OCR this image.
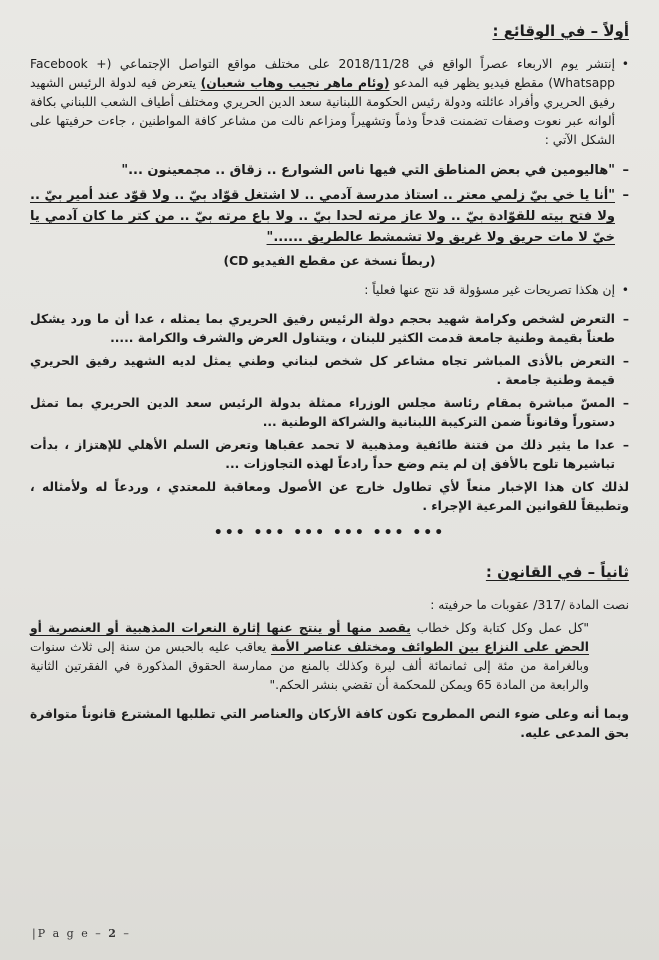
أولاً – في الوقائع :

• إنتشر يوم الاربعاء عصراً الواقع في 2018/11/28 على مختلف مواقع التواصل الإجتماعي (Facebook + Whatsapp) مقطع فيديو يظهر فيه المدعو (وئام ماهر نجيب وهاب شعبان) يتعرض فيه لدولة الرئيس الشهيد رفيق الحريري وأفراد عائلته ودولة رئيس الحكومة اللبنانية سعد الدين الحريري ومختلف أطياف الشعب اللبناني بكافة ألوانه عبر نعوت وصفات تضمنت قدحاً وذماً وتشهيراً ومزاعم نالت من مشاعر كافة المواطنين ، جاءت حرفيتها على الشكل الآتي :

– "هاليومين في بعض المناطق التي فيها ناس الشوارع .. زقاق .. مجمعينون ..."
– "أنا يا خي بيّ زلمي معتر .. استاذ مدرسة آدمي .. لا اشتغل قوّاد بيّ .. ولا قوّد عند أمير بيّ .. ولا فتح بيته للقوّادة بيّ .. ولا عاز مرته لحدا بيّ .. ولا باع مرته بيّ .. من كتر ما كان آدمي يا خيّ لا مات حريق ولا غريق ولا تشمشط عالطريق ......"

(ربطاً نسخة عن مقطع الفيديو CD)

• إن هكذا تصريحات غير مسؤولة قد نتج عنها فعلياً :
– التعرض لشخص وكرامة شهيد بحجم دولة الرئيس رفيق الحريري بما يمثله ، عدا أن ما ورد يشكل طعناً بقيمة وطنية جامعة قدمت الكثير للبنان ، ويتناول العرض والشرف والكرامة .....
– التعرض بالأذى المباشر تجاه مشاعر كل شخص لبناني وطني يمثل لديه الشهيد رفيق الحريري قيمة وطنية جامعة .
– المسّ مباشرة بمقام رئاسة مجلس الوزراء ممثلة بدولة الرئيس سعد الدين الحريري بما تمثل دستوراً وقانوناً ضمن التركيبة اللبنانية والشراكة الوطنية ...
– عدا ما يثير ذلك من فتنة طائفية ومذهبية لا تحمد عقباها وتعرض السلم الأهلي للإهتزاز ، بدأت تباشيرها تلوح بالأفق إن لم يتم وضع حداً رادعاً لهذه التجاوزات ...

لذلك كان هذا الإخبار منعاً لأي تطاول خارج عن الأصول ومعاقبة للمعتدي ، وردعاً له ولأمثاله ، وتطبيقاً للقوانين المرعية الإجراء .

••• ••• ••• ••• ••• •••
ثانياً – في القانون :

نصت المادة /317/ عقوبات ما حرفيته :

"كل عمل وكل كتابة وكل خطاب يقصد منها أو ينتج عنها إثارة النعرات المذهبية أو العنصرية أو الحض على النزاع بين الطوائف ومختلف عناصر الأمة يعاقب عليه بالحبس من سنة إلى ثلاث سنوات وبالغرامة من مئة إلى ثمانمائة ألف ليرة وكذلك بالمنع من ممارسة الحقوق المذكورة في الفقرتين الثانية والرابعة من المادة 65 ويمكن للمحكمة أن تقضي بنشر الحكم."

وبما أنه وعلى ضوء النص المطروح تكون كافة الأركان والعناصر التي تطلبها المشترع قانوناً متوافرة بحق المدعى عليه.

|P a g e – 2 –
